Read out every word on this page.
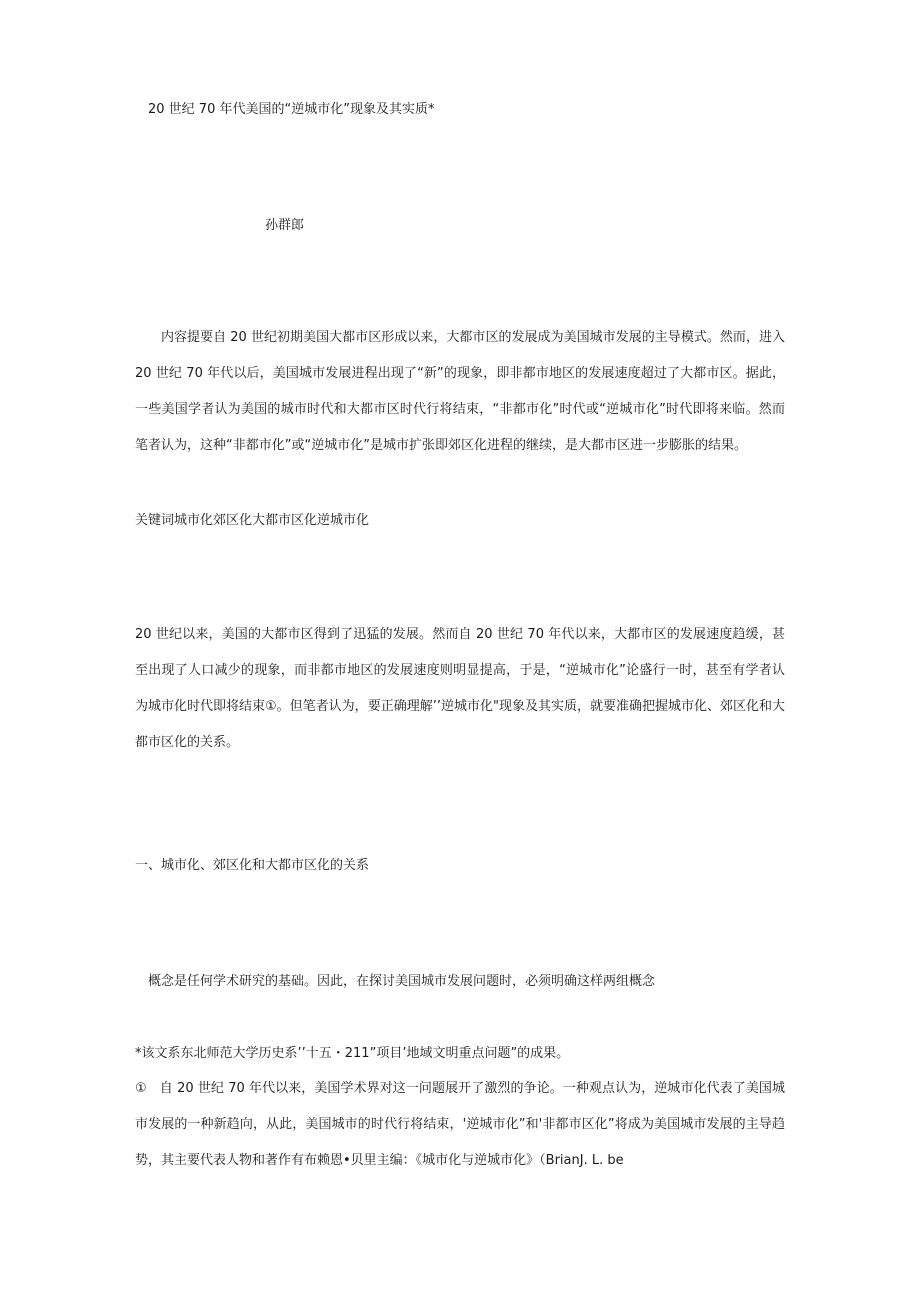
20 世纪 70 年代美国的“逆城市化”现象及其实质*
孙群郎
内容提要自 20 世纪初期美国大都市区形成以来，大都市区的发展成为美国城市发展的主导模式。然而，进入 20 世纪 70 年代以后，美国城市发展进程出现了“新”的现象，即非都市地区的发展速度超过了大都市区。据此，一些美国学者认为美国的城市时代和大都市区时代行将结束，“非都市化”时代或“逆城市化”时代即将来临。然而笔者认为，这种“非都市化”或“逆城市化”是城市扩张即郊区化进程的继续，是大都市区进一步膨胀的结果。
关键词城市化郊区化大都市区化逆城市化
20 世纪以来，美国的大都市区得到了迅猛的发展。然而自 20 世纪 70 年代以来，大都市区的发展速度趋缓，甚至出现了人口减少的现象，而非都市地区的发展速度则明显提高，于是，“逆城市化”论盛行一时，甚至有学者认为城市化时代即将结束①。但笔者认为，要正确理解’’逆城市化"现象及其实质，就要准确把握城市化、郊区化和大都市区化的关系。
一、城市化、郊区化和大都市区化的关系
概念是任何学术研究的基础。因此，在探讨美国城市发展问题时，必须明确这样两组概念
*该文系东北师范大学历史系’’十五・211”项目’地域文明重点问题”的成果。
①　自 20 世纪 70 年代以来，美国学术界对这一问题展开了激烈的争论。一种观点认为，逆城市化代表了美国城市发展的一种新趋向，从此，美国城市的时代行将结束，'逆城市化”和'非都市区化”将成为美国城市发展的主导趋势，其主要代表人物和著作有布赖恩•贝里主编：《城市化与逆城市化》（BrianJ. L. be
